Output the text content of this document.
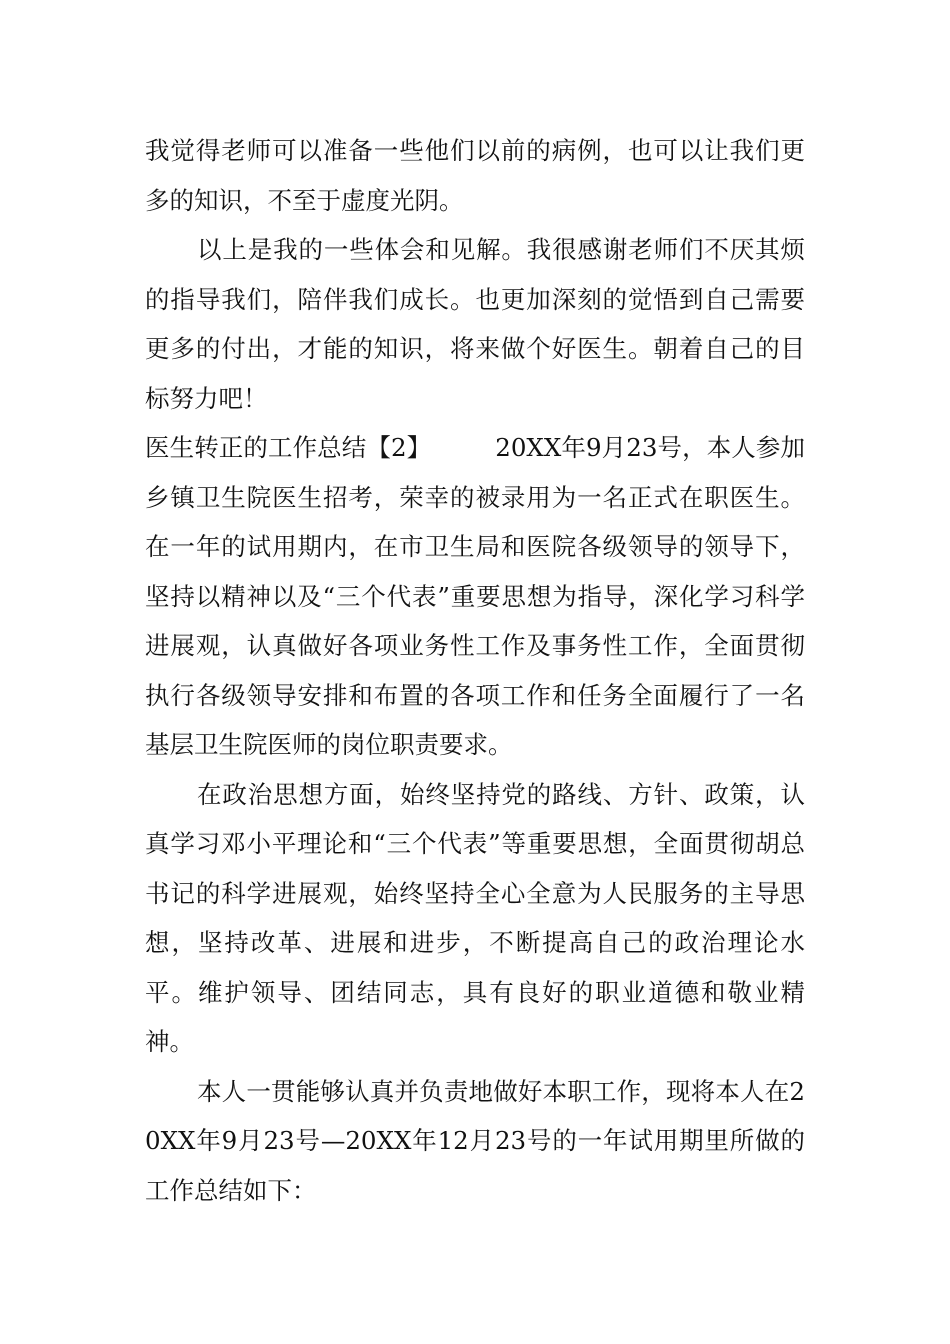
我觉得老师可以准备一些他们以前的病例，也可以让我们更多的知识，不至于虚度光阴。

以上是我的一些体会和见解。我很感谢老师们不厌其烦的指导我们，陪伴我们成长。也更加深刻的觉悟到自己需要更多的付出，才能的知识，将来做个好医生。朝着自己的目标努力吧！

医生转正的工作总结【2】	20XX年9月23号，本人参加乡镇卫生院医生招考，荣幸的被录用为一名正式在职医生。在一年的试用期内，在市卫生局和医院各级领导的领导下，坚持以精神以及“三个代表”重要思想为指导，深化学习科学进展观，认真做好各项业务性工作及事务性工作，全面贯彻执行各级领导安排和布置的各项工作和任务全面履行了一名基层卫生院医师的岗位职责要求。

在政治思想方面，始终坚持党的路线、方针、政策，认真学习邓小平理论和“三个代表”等重要思想，全面贯彻胡总书记的科学进展观，始终坚持全心全意为人民服务的主导思想，坚持改革、进展和进步，不断提高自己的政治理论水平。维护领导、团结同志，具有良好的职业道德和敬业精神。

本人一贯能够认真并负责地做好本职工作，现将本人在20XX年9月23号—20XX年12月23号的一年试用期里所做的工作总结如下：
